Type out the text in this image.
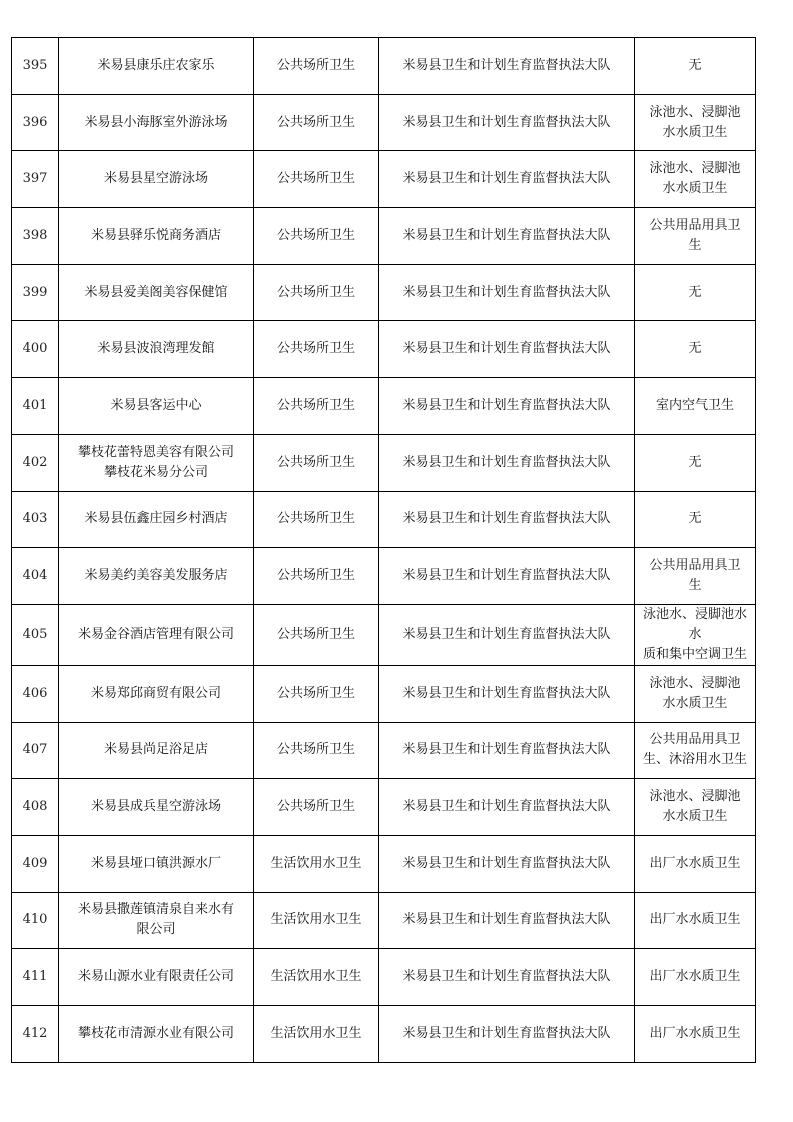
395	米易县康乐庄农家乐	公共场所卫生	米易县卫生和计划生育监督执法大队	无
396	米易县小海豚室外游泳场	公共场所卫生	米易县卫生和计划生育监督执法大队	泳池水、浸脚池
水水质卫生
397	米易县星空游泳场	公共场所卫生	米易县卫生和计划生育监督执法大队	泳池水、浸脚池
水水质卫生
398	米易县驿乐悦商务酒店	公共场所卫生	米易县卫生和计划生育监督执法大队	公共用品用具卫
生
399	米易县爱美阁美容保健馆	公共场所卫生	米易县卫生和计划生育监督执法大队	无
400	米易县波浪湾理发館	公共场所卫生	米易县卫生和计划生育监督执法大队	无
401	米易县客运中心	公共场所卫生	米易县卫生和计划生育监督执法大队	室内空气卫生
402	攀枝花蕾特恩美容有限公司
攀枝花米易分公司	公共场所卫生	米易县卫生和计划生育监督执法大队	无
403	米易县伍鑫庄园乡村酒店	公共场所卫生	米易县卫生和计划生育监督执法大队	无
404	米易美约美容美发服务店	公共场所卫生	米易县卫生和计划生育监督执法大队	公共用品用具卫
生
405	米易金谷酒店管理有限公司	公共场所卫生	米易县卫生和计划生育监督执法大队	泳池水、浸脚池水水
质和集中空调卫生
406	米易郑邱商贸有限公司	公共场所卫生	米易县卫生和计划生育监督执法大队	泳池水、浸脚池
水水质卫生
407	米易县尚足浴足店	公共场所卫生	米易县卫生和计划生育监督执法大队	公共用品用具卫
生、沐浴用水卫生
408	米易县成兵星空游泳场	公共场所卫生	米易县卫生和计划生育监督执法大队	泳池水、浸脚池
水水质卫生
409	米易县垭口镇洪源水厂	生活饮用水卫生	米易县卫生和计划生育监督执法大队	出厂水水质卫生
410	米易县撒莲镇清泉自来水有
限公司	生活饮用水卫生	米易县卫生和计划生育监督执法大队	出厂水水质卫生
411	米易山源水业有限责任公司	生活饮用水卫生	米易县卫生和计划生育监督执法大队	出厂水水质卫生
412	攀枝花市清源水业有限公司	生活饮用水卫生	米易县卫生和计划生育监督执法大队	出厂水水质卫生
